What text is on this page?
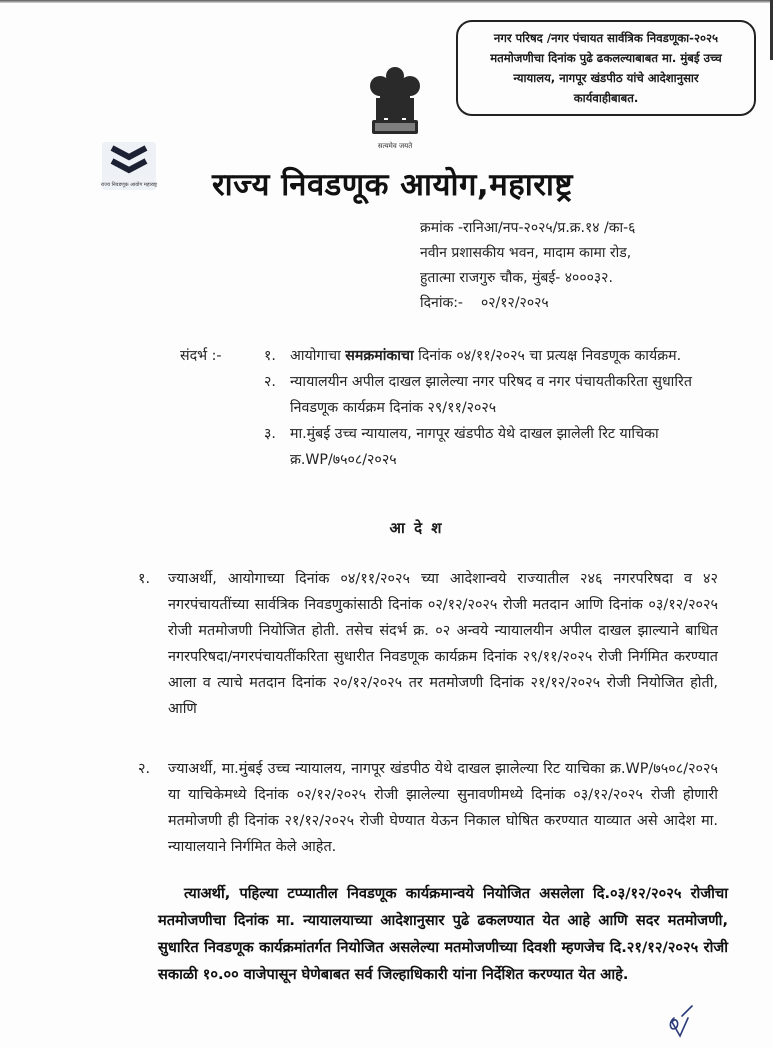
नगर परिषद /नगर पंचायत सार्वत्रिक निवडणूका-२०२५
मतमोजणीचा दिनांक पुढे ढकलल्याबाबत मा. मुंबई उच्च
न्यायालय, नागपूर खंडपीठ यांचे आदेशानुसार
कार्यवाहीबाबत.
सत्यमेव जयते
राज्य निवडणूक आयोग महाराष्ट्र राज्य निवडणूक आयोग,महाराष्ट्र
क्रमांक -रानिआ/नप-२०२५/प्र.क्र.१४ /का-६
नवीन प्रशासकीय भवन, मादाम कामा रोड,
हुतात्मा राजगुरु चौक, मुंबई- ४०००३२.
दिनांक:- ०२/१२/२०२५
संदर्भ :-	१. आयोगाचा समक्रमांकाचा दिनांक ०४/११/२०२५ चा प्रत्यक्ष निवडणूक कार्यक्रम.
२. न्यायालयीन अपील दाखल झालेल्या नगर परिषद व नगर पंचायतीकरिता सुधारित निवडणूक कार्यक्रम दिनांक २९/११/२०२५
३. मा.मुंबई उच्च न्यायालय, नागपूर खंडपीठ येथे दाखल झालेली रिट याचिका क्र.WP/७५०८/२०२५
आ दे श
१.	ज्याअर्थी, आयोगाच्या दिनांक ०४/११/२०२५ च्या आदेशान्वये राज्यातील २४६ नगरपरिषदा व ४२ नगरपंचायतींच्या सार्वत्रिक निवडणुकांसाठी दिनांक ०२/१२/२०२५ रोजी मतदान आणि दिनांक ०३/१२/२०२५ रोजी मतमोजणी नियोजित होती. तसेच संदर्भ क्र. ०२ अन्वये न्यायालयीन अपील दाखल झाल्याने बाधित नगरपरिषदा/नगरपंचायतींकरिता सुधारीत निवडणूक कार्यक्रम दिनांक २९/११/२०२५ रोजी निर्गमित करण्यात आला व त्याचे मतदान दिनांक २०/१२/२०२५ तर मतमोजणी दिनांक २१/१२/२०२५ रोजी नियोजित होती, आणि
२.	ज्याअर्थी, मा.मुंबई उच्च न्यायालय, नागपूर खंडपीठ येथे दाखल झालेल्या रिट याचिका क्र.WP/७५०८/२०२५ या याचिकेमध्ये दिनांक ०२/१२/२०२५ रोजी झालेल्या सुनावणीमध्ये दिनांक ०३/१२/२०२५ रोजी होणारी मतमोजणी ही दिनांक २१/१२/२०२५ रोजी घेण्यात येऊन निकाल घोषित करण्यात याव्यात असे आदेश मा. न्यायालयाने निर्गमित केले आहेत.
त्याअर्थी, पहिल्या टप्प्यातील निवडणूक कार्यक्रमान्वये नियोजित असलेला दि.०३/१२/२०२५ रोजीचा मतमोजणीचा दिनांक मा. न्यायालयाच्या आदेशानुसार पुढे ढकलण्यात येत आहे आणि सदर मतमोजणी, सुधारित निवडणूक कार्यक्रमांतर्गत नियोजित असलेल्या मतमोजणीच्या दिवशी म्हणजेच दि.२१/१२/२०२५ रोजी सकाळी १०.०० वाजेपासून घेणेबाबत सर्व जिल्हाधिकारी यांना निर्देशित करण्यात येत आहे.
